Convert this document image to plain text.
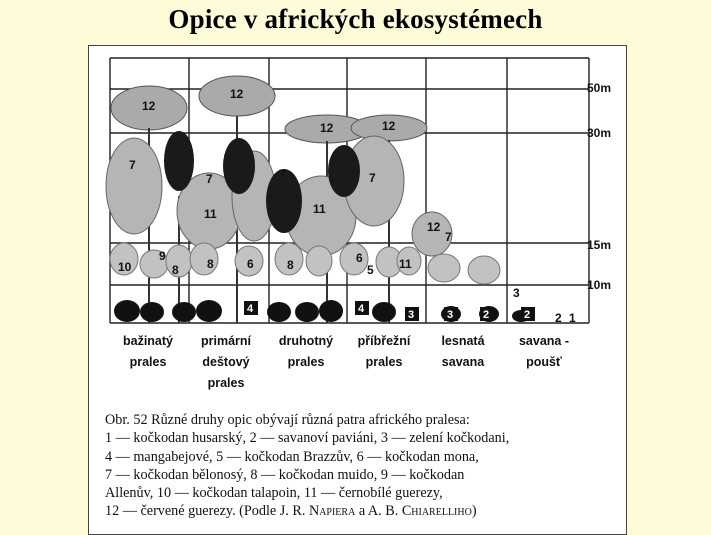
Opice v afrických ekosystémech
12
12
12	12
12
7
7	7	7
7
11	11
11
10
9
8 8	8
6	6
5
3
2 1
4	4	3	3	2	2
50m
30m
15m
10m
bažinatý
prales
primární
deštový
prales
druhotný
prales
příbřežní
prales
lesnatá
savana
savana -
poušť
Obr. 52 Různé druhy opic obývají různá patra afrického pralesa:
1 — kočkodan husarský, 2 — savanoví paviáni, 3 — zelení kočkodani,
4 — mangabejové, 5 — kočkodan Brazzův, 6 — kočkodan mona,
7 — kočkodan bělonosý, 8 — kočkodan muido, 9 — kočkodan
Allenův, 10 — kočkodan talapoin, 11 — černobílé guerezy,
12 — červené guerezy. (Podle J. R. Napiera a A. B. Chiarelliho)
